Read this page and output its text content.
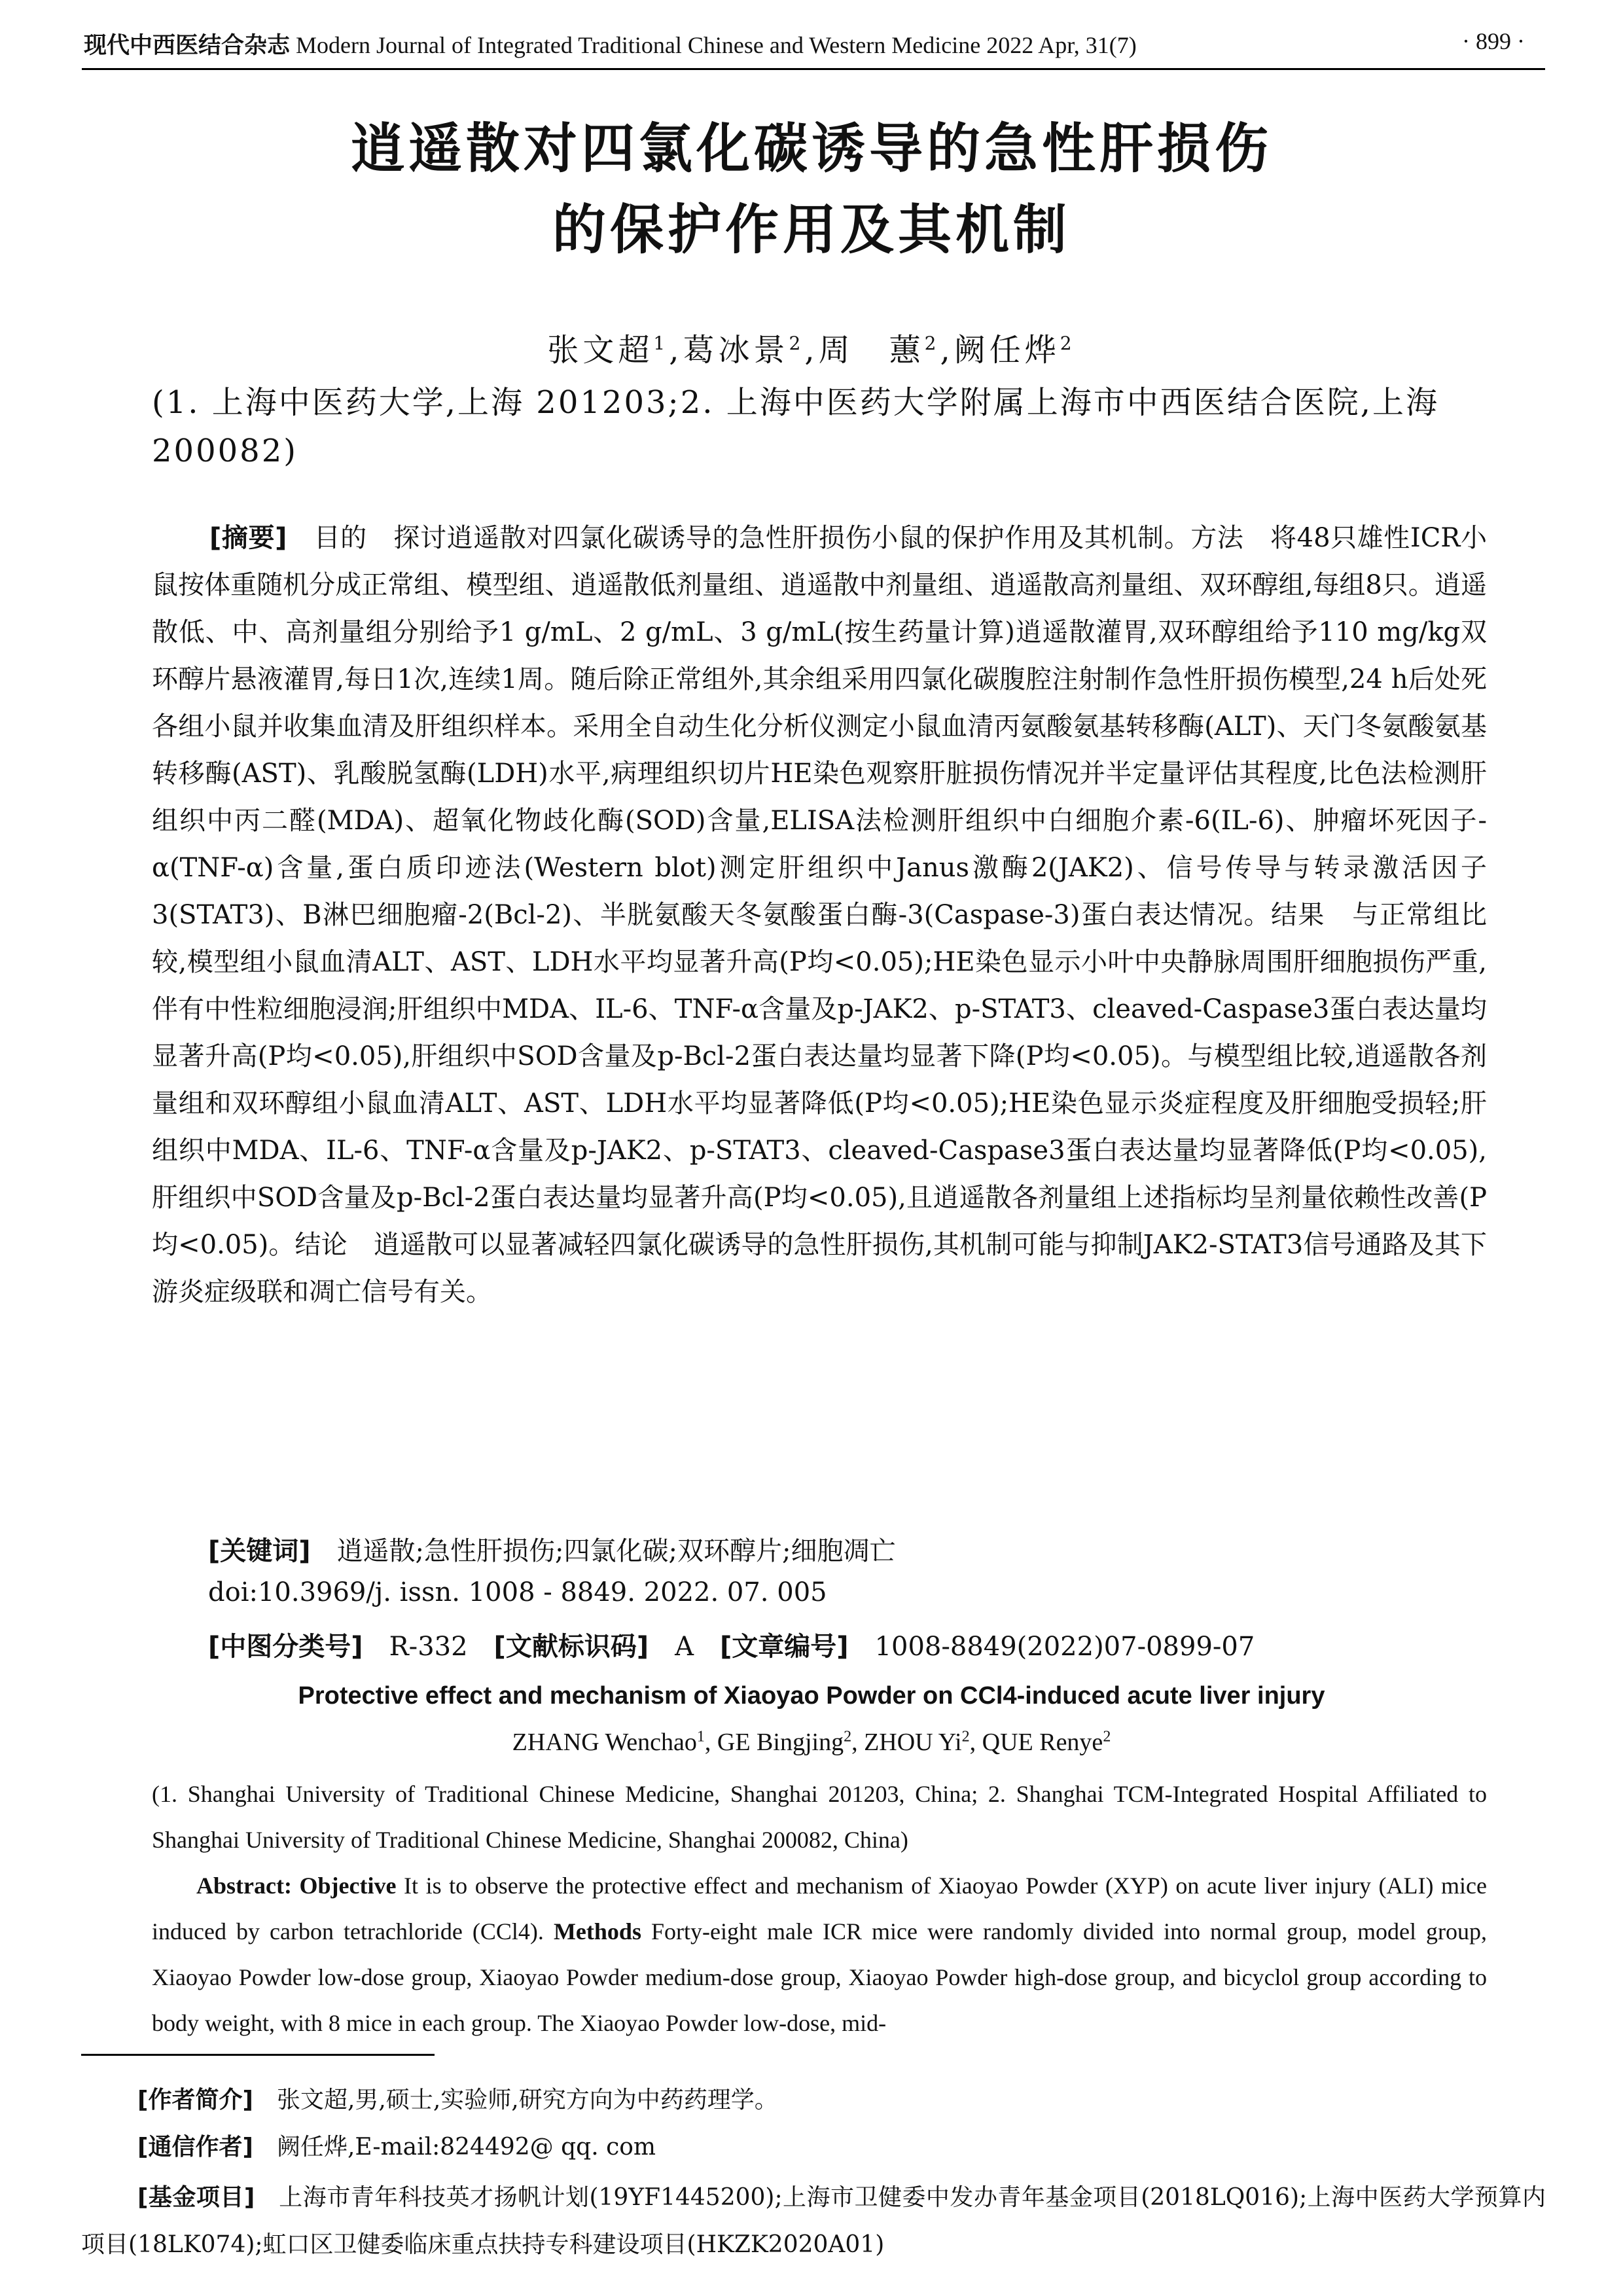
现代中西医结合杂志 Modern Journal of Integrated Traditional Chinese and Western Medicine 2022 Apr, 31(7)	· 899 ·
逍遥散对四氯化碳诱导的急性肝损伤
的保护作用及其机制
张文超$^1$,葛冰景$^2$,周　蕙$^2$,阙任烨$^2$
(1. 上海中医药大学,上海 201203;2. 上海中医药大学附属上海市中西医结合医院,上海 200082)

[摘要]　 目的　探讨逍遥散对四氯化碳诱导的急性肝损伤小鼠的保护作用及其机制。方法　将48只雄性ICR小鼠按体重随机分成正常组、模型组、逍遥散低剂量组、逍遥散中剂量组、逍遥散高剂量组、双环醇组,每组8只。逍遥散低、中、高剂量组分别给予1 g/mL、2 g/mL、3 g/mL(按生药量计算)逍遥散灌胃,双环醇组给予110 mg/kg双环醇片悬液灌胃,每日1次,连续1周。随后除正常组外,其余组采用四氯化碳腹腔注射制作急性肝损伤模型,24 h后处死各组小鼠并收集血清及肝组织样本。采用全自动生化分析仪测定小鼠血清丙氨酸氨基转移酶(ALT)、天门冬氨酸氨基转移酶(AST)、乳酸脱氢酶(LDH)水平,病理组织切片HE染色观察肝脏损伤情况并半定量评估其程度,比色法检测肝组织中丙二醛(MDA)、超氧化物歧化酶(SOD)含量,ELISA法检测肝组织中白细胞介素-6(IL-6)、肿瘤坏死因子-α(TNF-α)含量,蛋白质印迹法(Western blot)测定肝组织中Janus激酶2(JAK2)、信号传导与转录激活因子3(STAT3)、B淋巴细胞瘤-2(Bcl-2)、半胱氨酸天冬氨酸蛋白酶-3(Caspase-3)蛋白表达情况。结果　与正常组比较,模型组小鼠血清ALT、AST、LDH水平均显著升高(P均<0.05);HE染色显示小叶中央静脉周围肝细胞损伤严重,伴有中性粒细胞浸润;肝组织中MDA、IL-6、TNF-α含量及p-JAK2、p-STAT3、cleaved-Caspase3蛋白表达量均显著升高(P均<0.05),肝组织中SOD含量及p-Bcl-2蛋白表达量均显著下降(P均<0.05)。与模型组比较,逍遥散各剂量组和双环醇组小鼠血清ALT、AST、LDH水平均显著降低(P均<0.05);HE染色显示炎症程度及肝细胞受损轻;肝组织中MDA、IL-6、TNF-α含量及p-JAK2、p-STAT3、cleaved-Caspase3蛋白表达量均显著降低(P均<0.05),肝组织中SOD含量及p-Bcl-2蛋白表达量均显著升高(P均<0.05),且逍遥散各剂量组上述指标均呈剂量依赖性改善(P均<0.05)。结论　逍遥散可以显著减轻四氯化碳诱导的急性肝损伤,其机制可能与抑制JAK2-STAT3信号通路及其下游炎症级联和凋亡信号有关。

[关键词]　 逍遥散;急性肝损伤;四氯化碳;双环醇片;细胞凋亡
doi:10.3969/j. issn. 1008 - 8849. 2022. 07. 005
[中图分类号]　 R-332　 [文献标识码]　 A　 [文章编号]　 1008-8849(2022)07-0899-07
Protective effect and mechanism of Xiaoyao Powder on CCl4-induced acute liver injury
ZHANG Wenchao$^1$, GE Bingjing$^2$, ZHOU Yi$^2$, QUE Renye$^2$
(1. Shanghai University of Traditional Chinese Medicine, Shanghai 201203, China; 2. Shanghai TCM-Integrated Hospital Affiliated to Shanghai University of Traditional Chinese Medicine, Shanghai 200082, China)

Abstract: Objective It is to observe the protective effect and mechanism of Xiaoyao Powder (XYP) on acute liver injury (ALI) mice induced by carbon tetrachloride (CCl4). Methods Forty-eight male ICR mice were randomly divided into normal group, model group, Xiaoyao Powder low-dose group, Xiaoyao Powder medium-dose group, Xiaoyao Powder high-dose group, and bicyclol group according to body weight, with 8 mice in each group. The Xiaoyao Powder low-dose, mid-

[作者简介]　 张文超,男,硕士,实验师,研究方向为中药药理学。
[通信作者]　 阙任烨,E-mail:824492@ qq. com
[基金项目]　 上海市青年科技英才扬帆计划(19YF1445200);上海市卫健委中发办青年基金项目(2018LQ016);上海中医药大学预算内项目(18LK074);虹口区卫健委临床重点扶持专科建设项目(HKZK2020A01)
